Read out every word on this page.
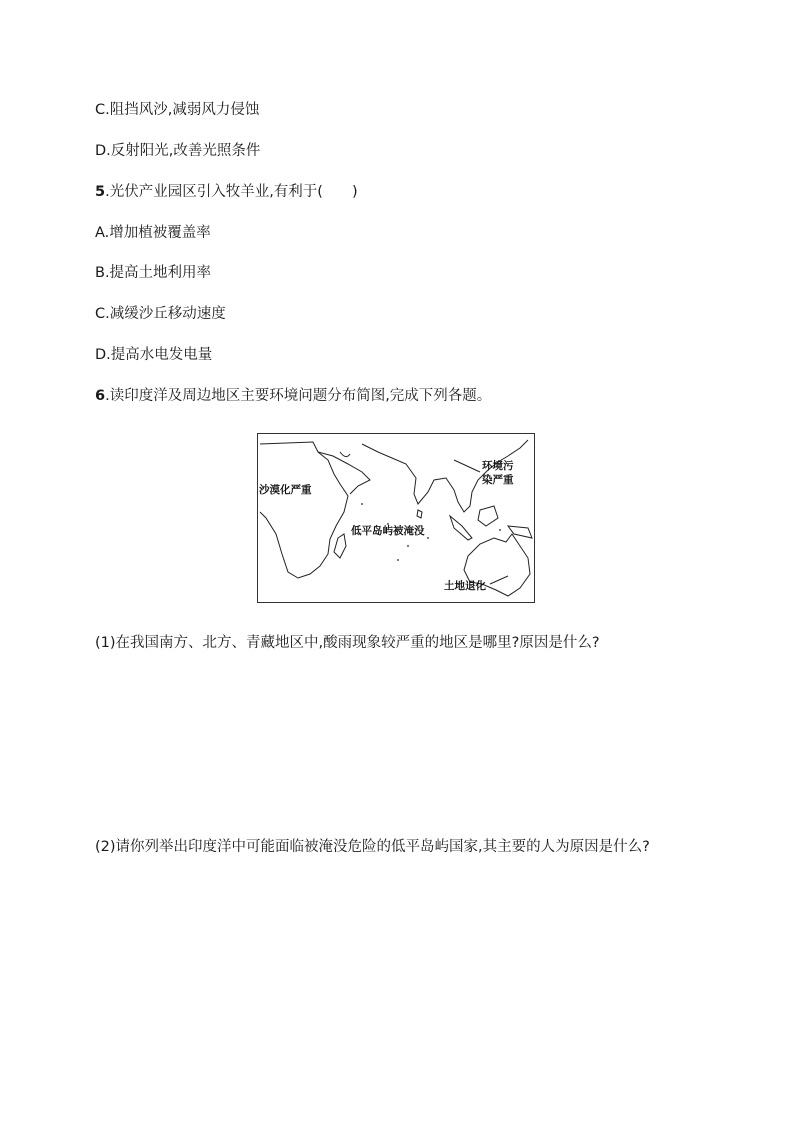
C.阻挡风沙,减弱风力侵蚀
D.反射阳光,改善光照条件
5.光伏产业园区引入牧羊业,有利于(　　)
A.增加植被覆盖率
B.提高土地利用率
C.减缓沙丘移动速度
D.提高水电发电量
6.读印度洋及周边地区主要环境问题分布简图,完成下列各题。
沙漠化严重
环境污
染严重
低平岛屿被淹没
土地退化
(1)在我国南方、北方、青藏地区中,酸雨现象较严重的地区是哪里?原因是什么?
(2)请你列举出印度洋中可能面临被淹没危险的低平岛屿国家,其主要的人为原因是什么?
